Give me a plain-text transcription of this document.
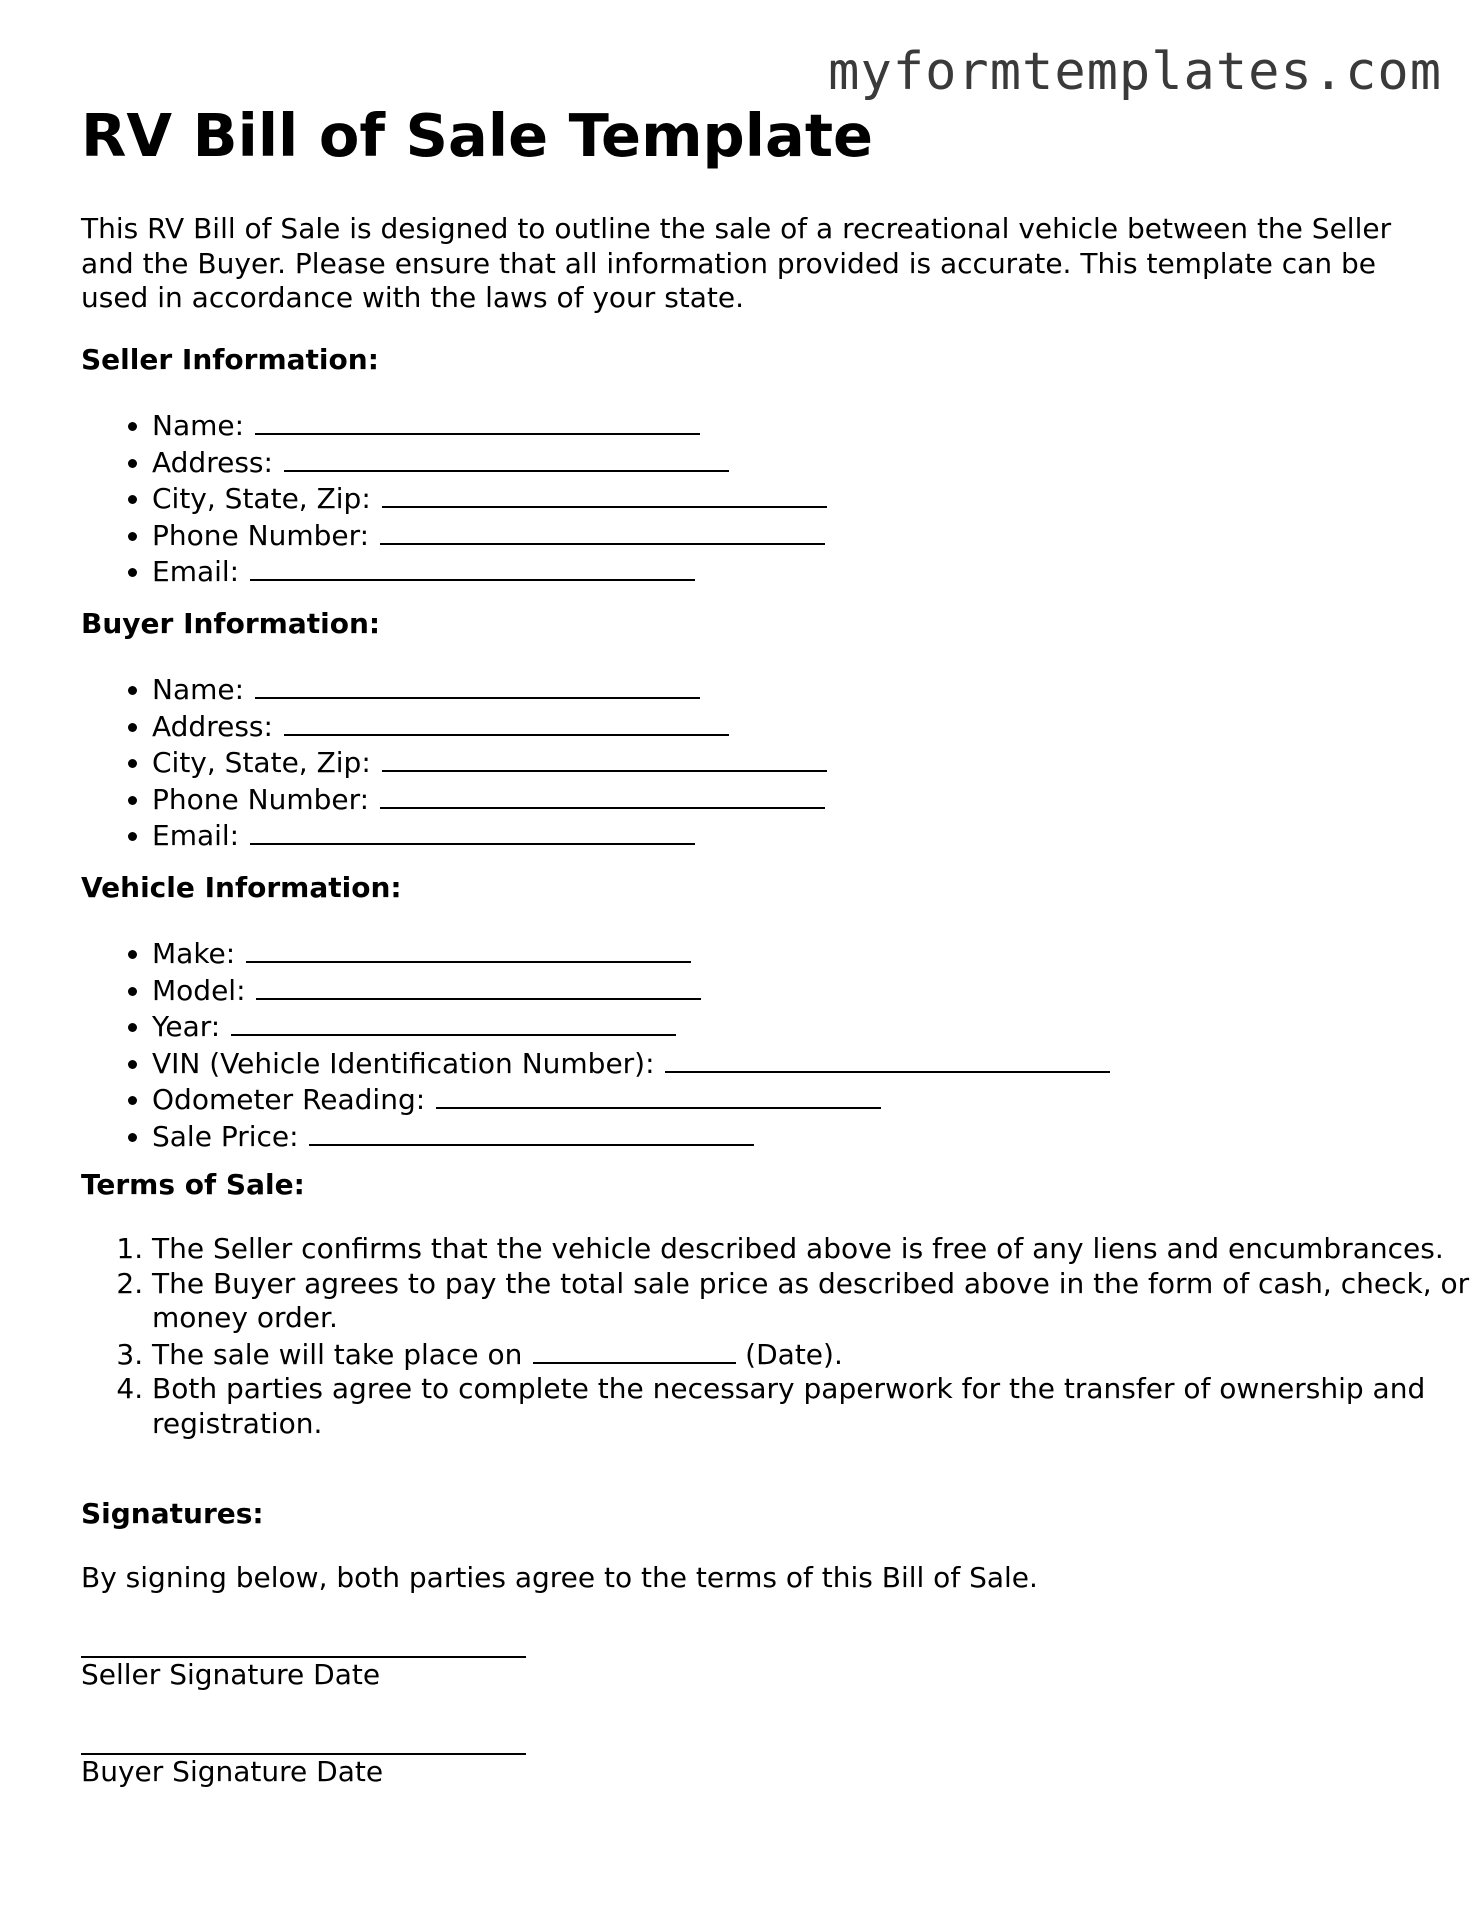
myformtemplates.com
RV Bill of Sale Template

This RV Bill of Sale is designed to outline the sale of a recreational vehicle between the Seller and the Buyer. Please ensure that all information provided is accurate. This template can be used in accordance with the laws of your state.

Seller Information:
• Name:
• Address:
• City, State, Zip:
• Phone Number:
• Email:
Buyer Information:
• Name:
• Address:
• City, State, Zip:
• Phone Number:
• Email:
Vehicle Information:
• Make:
• Model:
• Year:
• VIN (Vehicle Identification Number):
• Odometer Reading:
• Sale Price:
Terms of Sale:
1. The Seller confirms that the vehicle described above is free of any liens and encumbrances.
2. The Buyer agrees to pay the total sale price as described above in the form of cash, check, or money order.
3. The sale will take place on	(Date).
4. Both parties agree to complete the necessary paperwork for the transfer of ownership and registration.
Signatures:

By signing below, both parties agree to the terms of this Bill of Sale.

Seller Signature Date

Buyer Signature Date
